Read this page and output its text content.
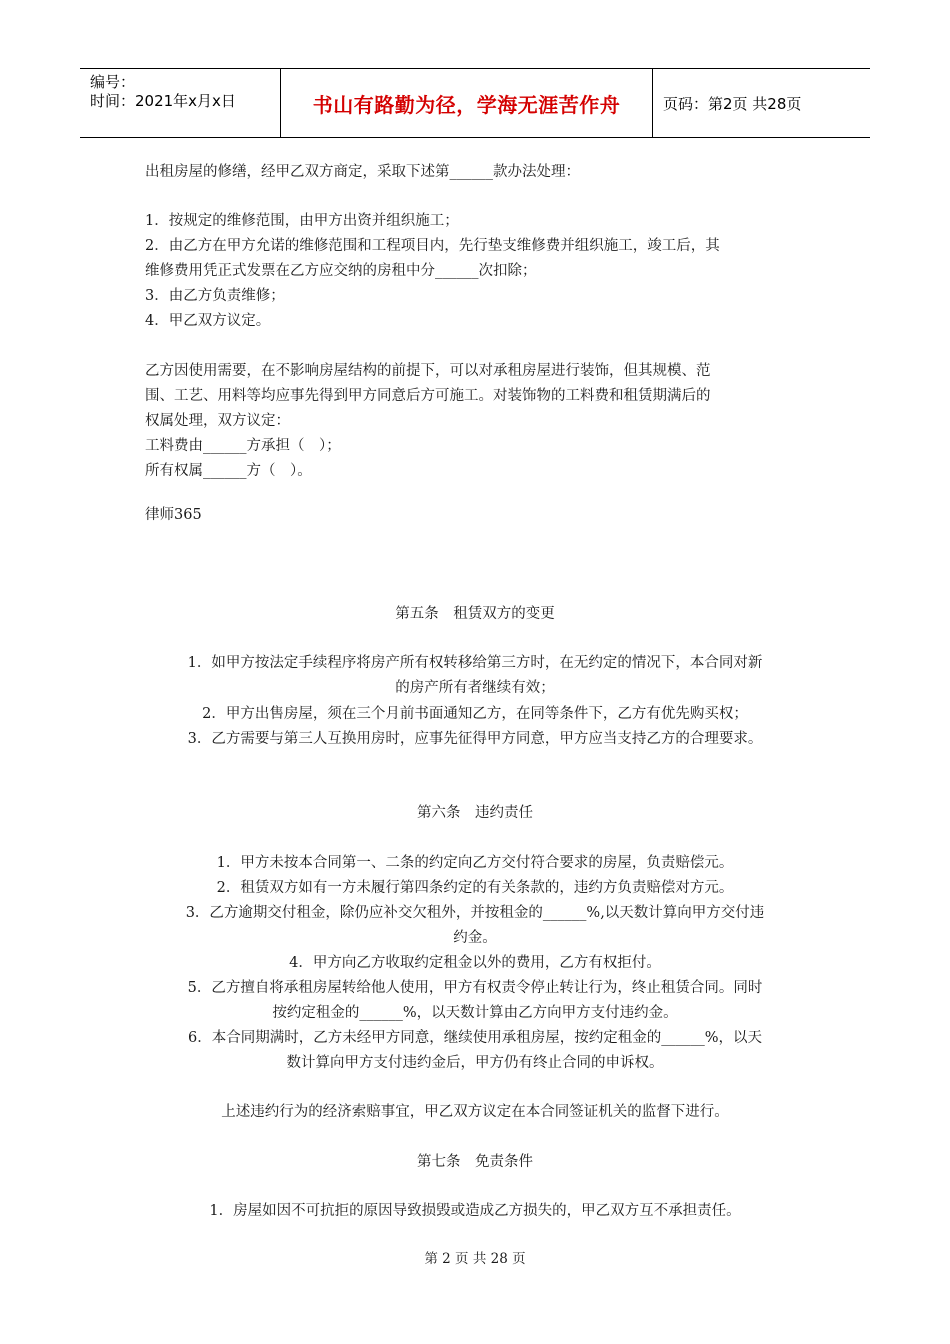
编号：
时间：2021年x月x日	书山有路勤为径，学海无涯苦作舟	页码：第2页 共28页
出租房屋的修缮，经甲乙双方商定，采取下述第______款办法处理：
1．按规定的维修范围，由甲方出资并组织施工；
2．由乙方在甲方允诺的维修范围和工程项目内，先行垫支维修费并组织施工，竣工后，其
维修费用凭正式发票在乙方应交纳的房租中分______次扣除；
3．由乙方负责维修；
4．甲乙双方议定。
乙方因使用需要，在不影响房屋结构的前提下，可以对承租房屋进行装饰，但其规模、范
围、工艺、用料等均应事先得到甲方同意后方可施工。对装饰物的工料费和租赁期满后的
权属处理，双方议定：
工料费由______方承担（　）；
所有权属______方（　）。
律师365
第五条　租赁双方的变更
1．如甲方按法定手续程序将房产所有权转移给第三方时，在无约定的情况下，本合同对新
的房产所有者继续有效；
2．甲方出售房屋，须在三个月前书面通知乙方，在同等条件下，乙方有优先购买权；
3．乙方需要与第三人互换用房时，应事先征得甲方同意，甲方应当支持乙方的合理要求。
第六条　违约责任
1．甲方未按本合同第一、二条的约定向乙方交付符合要求的房屋，负责赔偿元。
2．租赁双方如有一方未履行第四条约定的有关条款的，违约方负责赔偿对方元。
3．乙方逾期交付租金，除仍应补交欠租外，并按租金的______%,以天数计算向甲方交付违
约金。
4．甲方向乙方收取约定租金以外的费用，乙方有权拒付。
5．乙方擅自将承租房屋转给他人使用，甲方有权责令停止转让行为，终止租赁合同。同时
按约定租金的______%，以天数计算由乙方向甲方支付违约金。
6．本合同期满时，乙方未经甲方同意，继续使用承租房屋，按约定租金的______%，以天
数计算向甲方支付违约金后，甲方仍有终止合同的申诉权。
上述违约行为的经济索赔事宜，甲乙双方议定在本合同签证机关的监督下进行。
第七条　免责条件
1．房屋如因不可抗拒的原因导致损毁或造成乙方损失的，甲乙双方互不承担责任。
第 2 页 共 28 页
